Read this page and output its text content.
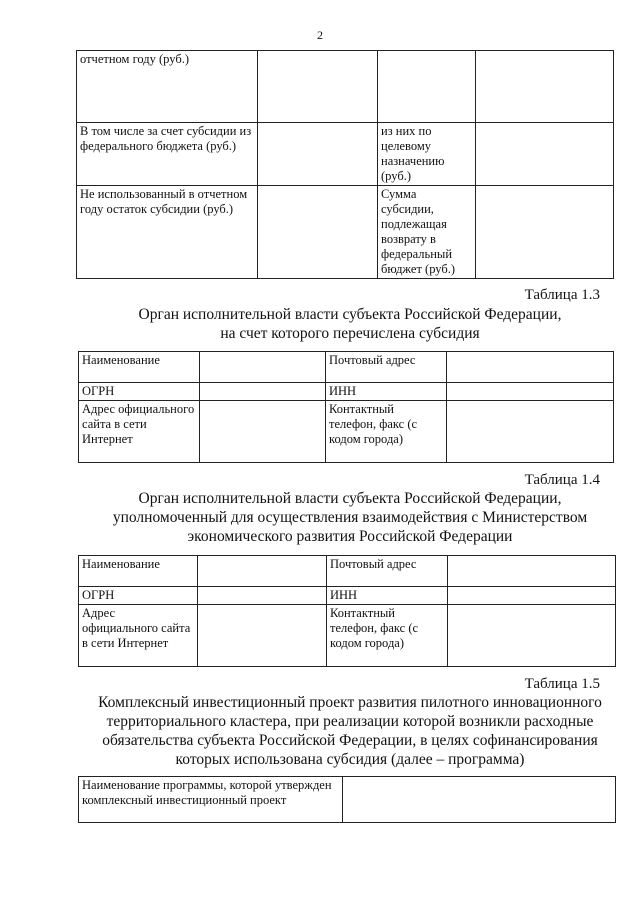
2
отчетном году (руб.)			
В том числе за счет субсидии из федерального бюджета (руб.)		из них по целевому назначению (руб.)	
Не использованный в отчетном году остаток субсидии (руб.)		Сумма субсидии, подлежащая возврату в федеральный бюджет (руб.)	
Таблица 1.3
Орган исполнительной власти субъекта Российской Федерации,
на счет которого перечислена субсидия
Наименование		Почтовый адрес	
ОГРН		ИНН	
Адрес официального сайта в сети Интернет		Контактный телефон, факс (с кодом города)	
Таблица 1.4
Орган исполнительной власти субъекта Российской Федерации,
уполномоченный для осуществления взаимодействия с Министерством
экономического развития Российской Федерации
Наименование		Почтовый адрес	
ОГРН		ИНН	
Адрес официального сайта в сети Интернет		Контактный телефон, факс (с кодом города)	
Таблица 1.5
Комплексный инвестиционный проект развития пилотного инновационного
территориального кластера, при реализации которой возникли расходные
обязательства субъекта Российской Федерации, в целях софинансирования
которых использована субсидия (далее – программа)
Наименование программы, которой утвержден комплексный инвестиционный проект	
